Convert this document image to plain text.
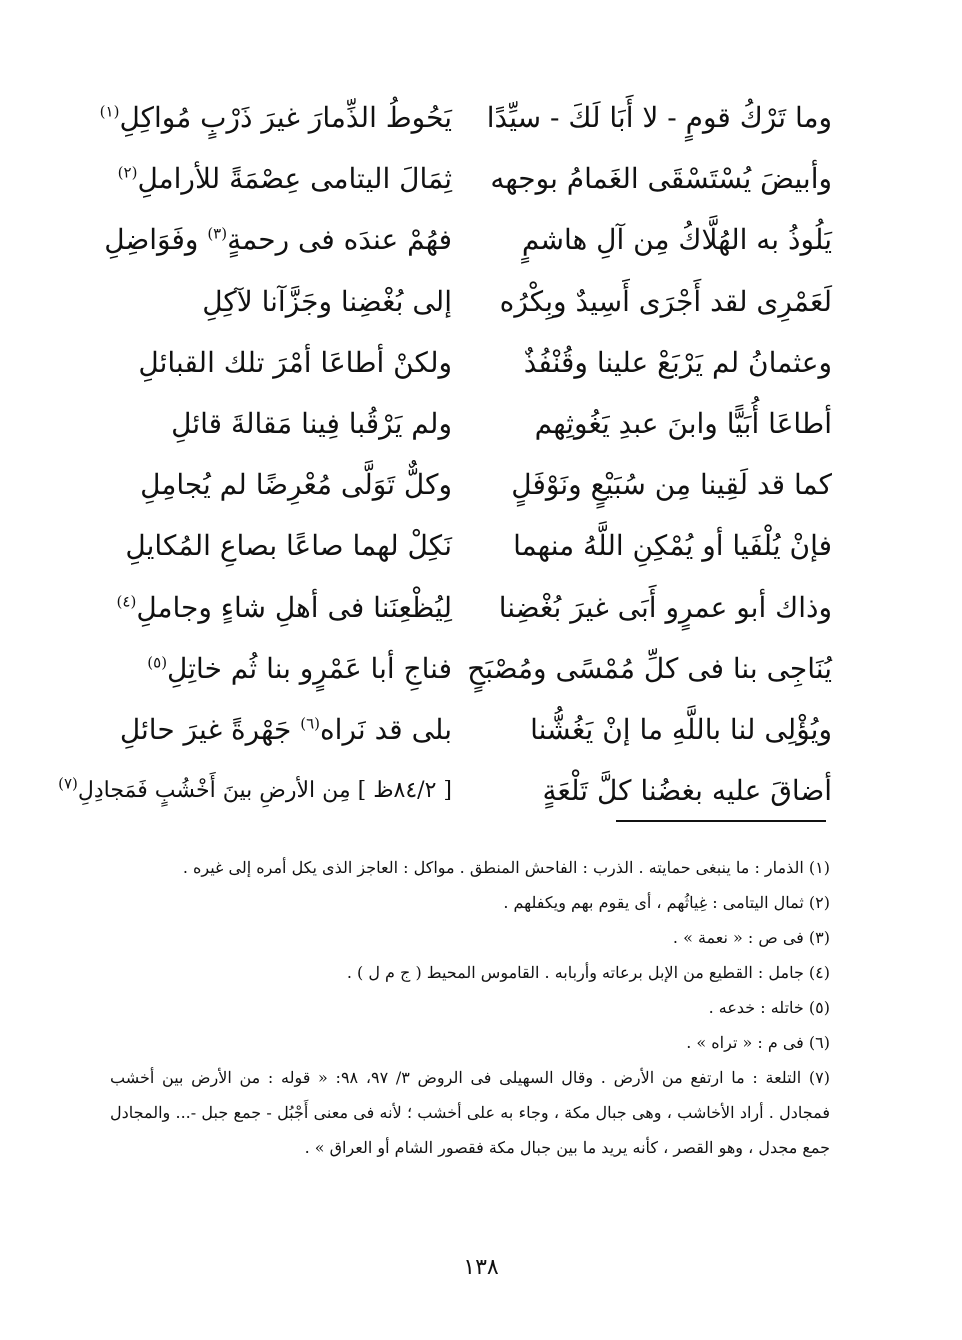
وما تَرْكُ قومٍ - لا أَبَا لَكَ - سيِّدًا
يَحُوطُ الذِّمارَ غيرَ ذَرْبٍ مُواكِلِ$^{(١)}$
وأبيضَ يُسْتَسْقَى الغَمامُ بوجهه
ثِمَالَ اليتامى عِصْمَةً للأراملِ$^{(٢)}$
يَلُوذُ به الهُلَّاكُ مِن آلِ هاشمٍ
فهُمْ عندَه فى رحمةٍ$^{(٣)}$ وفَوَاضِلِ
لَعَمْرِى لقد أَجْرَى أَسِيدٌ وبِكْرُه
إلى بُغْضِنا وجَزَّآنا لآكِلِ
وعثمانُ لم يَرْبَعْ علينا وقُنْفُذٌ
ولكنْ أطاعَا أمْرَ تلك القبائلِ
أطاعَا أُبَيًّا وابنَ عبدِ يَغُوثِهم
ولم يَرْقُبا فِينا مَقالةَ قائلِ
كما قد لَقِينا مِن سُبَيْعٍ ونَوْفَلٍ
وكلٌّ تَوَلَّى مُعْرِضًا لم يُجامِلِ
فإنْ يُلْفَيا أو يُمْكِنِ اللَّهُ منهما
نَكِلْ لهما صاعًا بصاعِ المُكايلِ
وذاك أبو عمرٍو أَبَى غيرَ بُغْضِنا
لِيُظْعِنَنا فى أهلِ شاءٍ وجاملِ$^{(٤)}$
يُنَاجِى بنا فى كلِّ مُمْسًى ومُصْبَحٍ
فناجِ أبا عَمْرٍو بنا ثُم خاتِلِ$^{(٥)}$
ويُؤْلِى لنا باللَّهِ ما إنْ يَغُشُّنا
بلى قد نَراه$^{(٦)}$ جَهْرةً غيرَ حائلِ
أضاقَ عليه بغضُنا كلَّ تَلْعَةٍ
[ ٨٤/٢ظ ] مِن الأرضِ بينَ أَخْشُبٍ فَمَجادِلِ$^{(٧)}$

(١) الذمار : ما ينبغى حمايته . الذرب : الفاحش المنطق . مواكل : العاجز الذى يكل أمره إلى غيره .

(٢) ثمال اليتامى : غِياثُهم ، أى يقوم بهم ويكفلهم .

(٣) فى ص : « نعمة » .

(٤) جامل : القطيع من الإبل برعاته وأربابه . القاموس المحيط ( ج م ل ) .

(٥) خاتله : خدعه .

(٦) فى م : « تراه » .

(٧) التلعة : ما ارتفع من الأرض . وقال السهيلى فى الروض ٣/ ٩٧، ٩٨: « قوله : من الأرض بين أخشب فمجادل . أراد الأخاشب ، وهى جبال مكة ، وجاء به على أخشب ؛ لأنه فى معنى أَجْبُل - جمع جبل -... والمجادل جمع مجدل ، وهو القصر ، كأنه يريد ما بين جبال مكة فقصور الشام أو العراق » .

١٣٨
